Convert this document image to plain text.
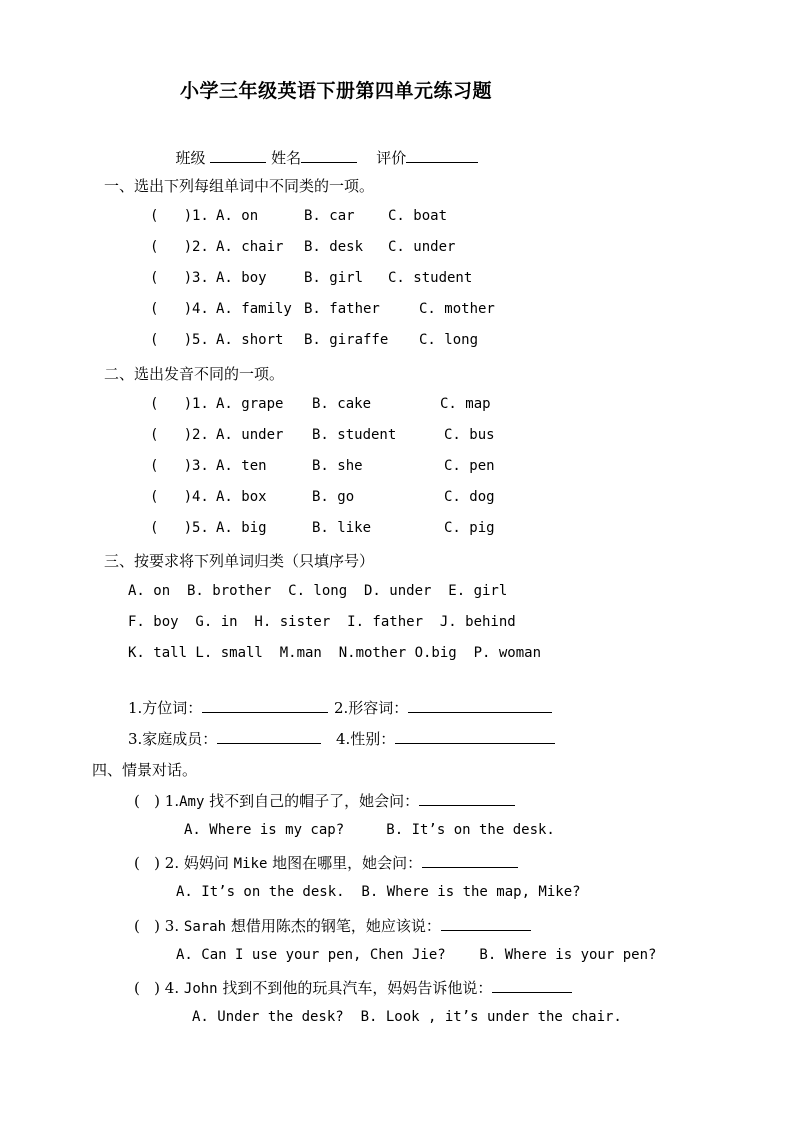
小学三年级英语下册第四单元练习题

班级	姓名	评价

一、选出下列每组单词中不同类的一项。
(   ) 1. A. on	B. car C. boat
(   ) 2. A. chair B. desk C. under
(   ) 3. A. boy	B. girl C. student
(   ) 4. A. family B. father	C. mother
(   ) 5. A. short B. giraffe C. long
二、选出发音不同的一项。
(   ) 1. A. grape B. cake	C. map
(   ) 2. A. under B. student	C. bus
(   ) 3. A. ten	B. she	C. pen
(   ) 4. A. box	B. go	C. dog
(   ) 5. A. big	B. like	C. pig
三、按要求将下列单词归类（只填序号）
A. on  B. brother  C. long  D. under  E. girl
F. boy  G. in  H. sister  I. father  J. behind
K. tall L. small  M.man  N.mother O.big  P. woman
1.方位词：	2.形容词：
3.家庭成员：	4.性别：
四、情景对话。
(   ) 1.Amy 找不到自己的帽子了，她会问：
A. Where is my cap?     B. It’s on the desk.
(   ) 2. 妈妈问 Mike 地图在哪里，她会问：
A. It’s on the desk.  B. Where is the map, Mike?
(   ) 3. Sarah 想借用陈杰的钢笔，她应该说：
A. Can I use your pen, Chen Jie?    B. Where is your pen?
(   ) 4. John 找到不到他的玩具汽车，妈妈告诉他说：
A. Under the desk?  B. Look , it’s under the chair.
